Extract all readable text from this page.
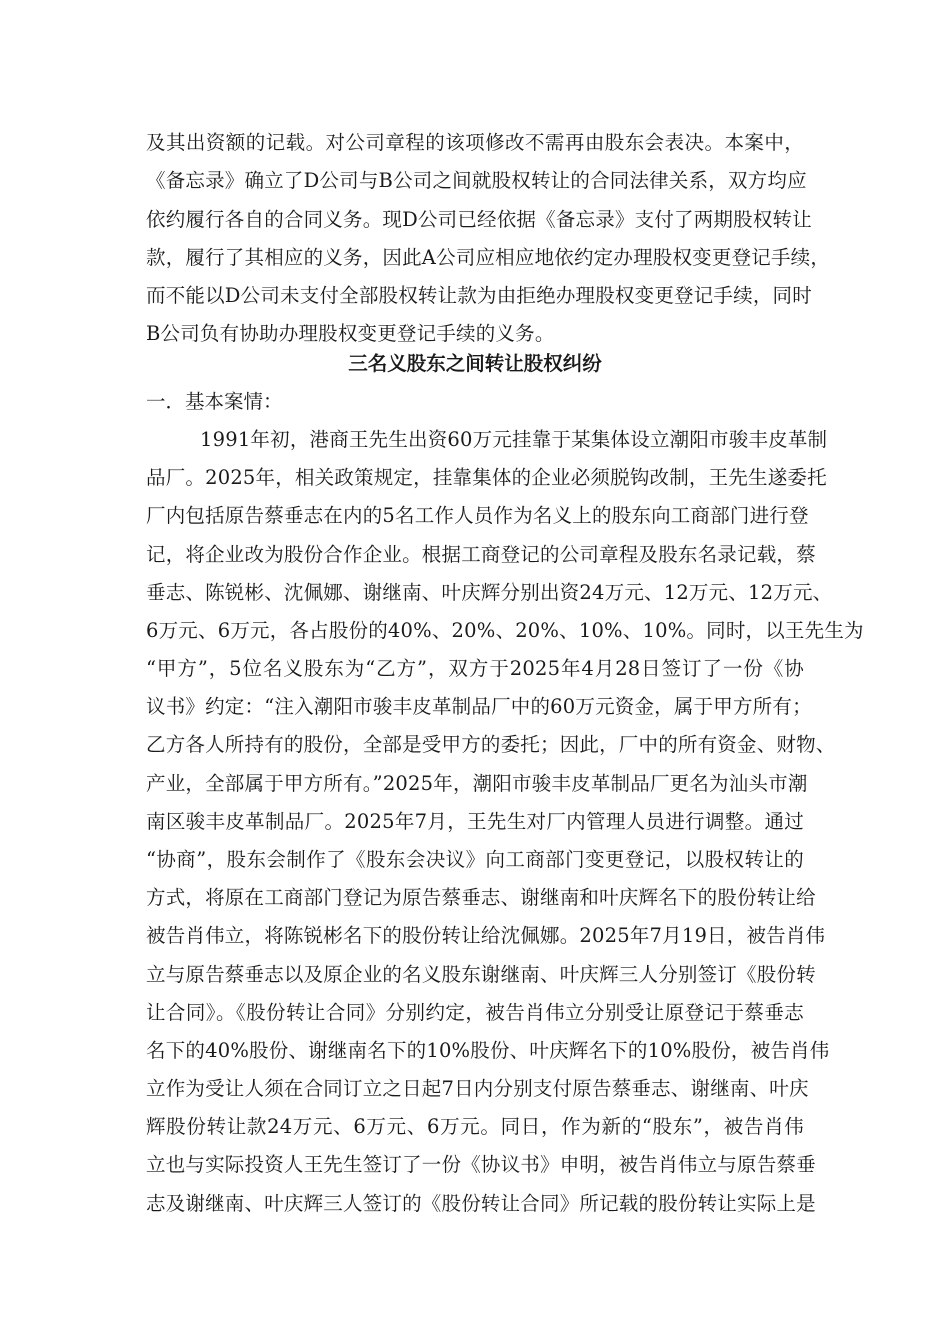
及其出资额的记载。对公司章程的该项修改不需再由股东会表决。本案中，
《备忘录》确立了D公司与B公司之间就股权转让的合同法律关系，双方均应
依约履行各自的合同义务。现D公司已经依据《备忘录》支付了两期股权转让
款，履行了其相应的义务，因此A公司应相应地依约定办理股权变更登记手续，
而不能以D公司未支付全部股权转让款为由拒绝办理股权变更登记手续，同时
B公司负有协助办理股权变更登记手续的义务。
三名义股东之间转让股权纠纷
一．基本案情：
1991年初，港商王先生出资60万元挂靠于某集体设立潮阳市骏丰皮革制
品厂。2025年，相关政策规定，挂靠集体的企业必须脱钩改制，王先生遂委托
厂内包括原告蔡垂志在内的5名工作人员作为名义上的股东向工商部门进行登
记，将企业改为股份合作企业。根据工商登记的公司章程及股东名录记载，蔡
垂志、陈锐彬、沈佩娜、谢继南、叶庆辉分别出资24万元、12万元、12万元、
6万元、6万元，各占股份的40%、20%、20%、10%、10%。同时，以王先生为
“甲方”，5位名义股东为“乙方”，双方于2025年4月28日签订了一份《协
议书》约定：“注入潮阳市骏丰皮革制品厂中的60万元资金，属于甲方所有；
乙方各人所持有的股份，全部是受甲方的委托；因此，厂中的所有资金、财物、
产业，全部属于甲方所有。”2025年，潮阳市骏丰皮革制品厂更名为汕头市潮
南区骏丰皮革制品厂。2025年7月，王先生对厂内管理人员进行调整。通过
“协商”，股东会制作了《股东会决议》向工商部门变更登记，以股权转让的
方式，将原在工商部门登记为原告蔡垂志、谢继南和叶庆辉名下的股份转让给
被告肖伟立，将陈锐彬名下的股份转让给沈佩娜。2025年7月19日，被告肖伟
立与原告蔡垂志以及原企业的名义股东谢继南、叶庆辉三人分别签订《股份转
让合同》。《股份转让合同》分别约定，被告肖伟立分别受让原登记于蔡垂志
名下的40%股份、谢继南名下的10%股份、叶庆辉名下的10%股份，被告肖伟
立作为受让人须在合同订立之日起7日内分别支付原告蔡垂志、谢继南、叶庆
辉股份转让款24万元、6万元、6万元。同日，作为新的“股东”，被告肖伟
立也与实际投资人王先生签订了一份《协议书》申明，被告肖伟立与原告蔡垂
志及谢继南、叶庆辉三人签订的《股份转让合同》所记载的股份转让实际上是
